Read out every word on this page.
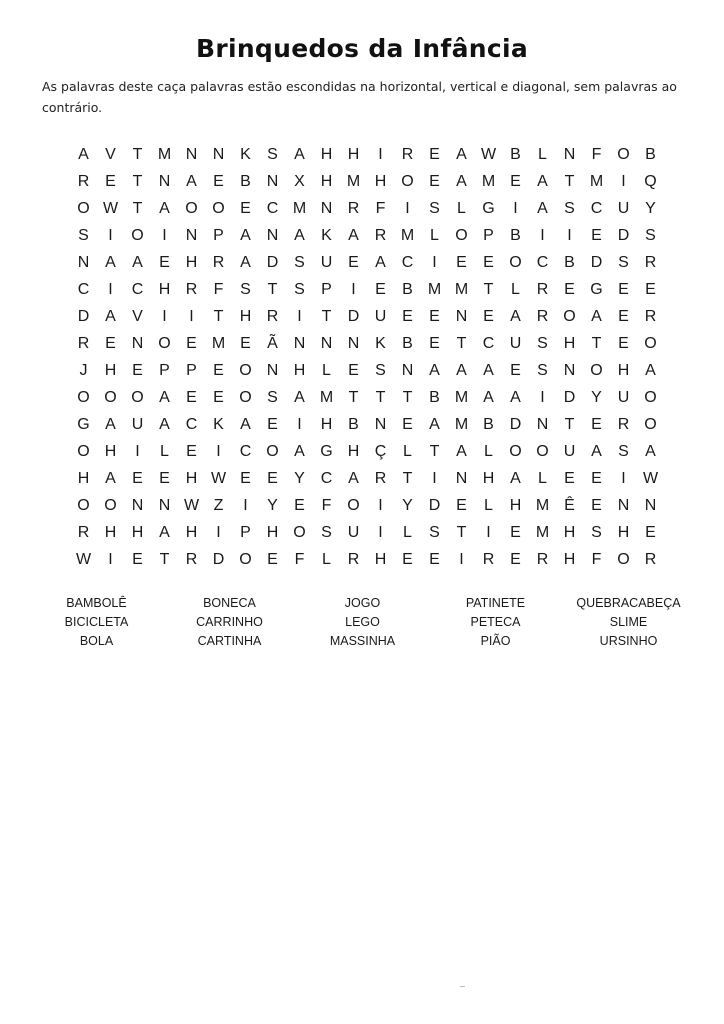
Brinquedos da Infância
As palavras deste caça palavras estão escondidas na horizontal, vertical e diagonal, sem palavras ao contrário.
A	V	T M N N K	S	A H H	I	R E	A W B	L	N	F O B
R E	T	N A	E	B N X H M H O E	A M E	A	T M	I	Q
O W T	A O O E C M N R	F	I	S	L	G	I	A	S C U Y
S	I	O	I	N P	A N A	K	A R M L	O P	B	I	I	E D S
N A	A	E H R A D S U E	A C	I	E	E O C B D S R
C	I	C H R	F	S	T	S	P	I	E	B M M T	L	R E G E	E
D A	V	I	I	T	H R	I	T	D U E	E N E	A R O A	E R
R E N O E M E	Ã N N N K	B	E	T	C U S H	T	E O
J	H E	P	P	E O N H	L	E	S N A	A	A	E	S N O H A
O O O A	E	E O S	A M T	T	T	B M A	A	I	D Y U O
G A U A C K	A	E	I	H B N E	A M B D N	T	E R O
O H	I	L	E	I	C O A G H Ç	L	T	A	L	O O U A	S	A
H A	E	E H W E	E	Y C A R	T	I	N H A	L	E	E	I	W
O O N N W Z	I	Y	E	F O	I	Y D E	L	H M Ê	E N N
R H H A H	I	P H O S U	I	L	S	T	I	E M H S H E
W	I	E	T	R D O E	F	L	R H E	E	I	R E R H	F O R
BAMBOLÊ
BICICLETA
BOLA
BONECA
CARRINHO
CARTINHA
JOGO
LEGO
MASSINHA
PATINETE
PETECA
PIÃO
QUEBRACABEÇA
SLIME
URSINHO
